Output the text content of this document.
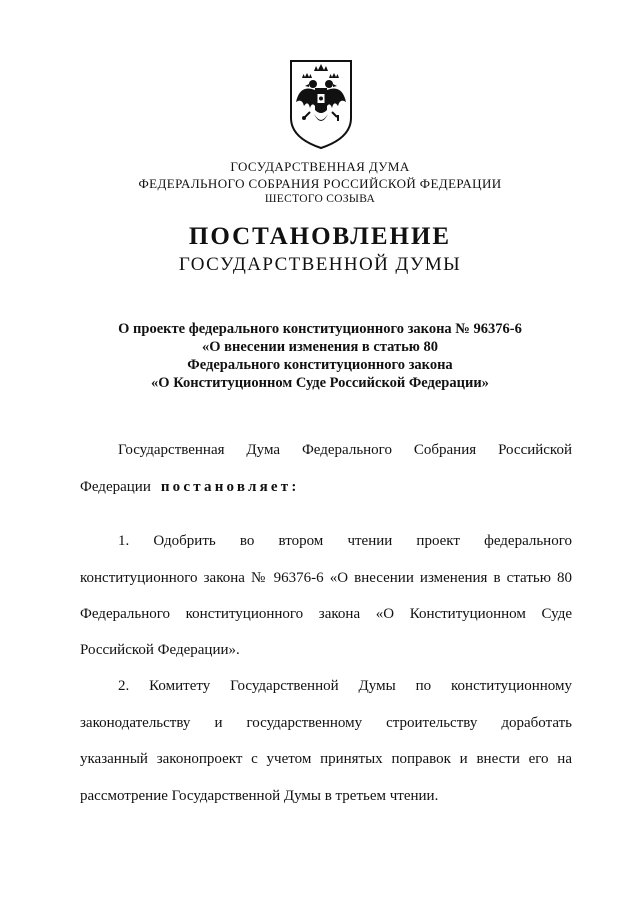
ГОСУДАРСТВЕННАЯ ДУМА
ФЕДЕРАЛЬНОГО СОБРАНИЯ РОССИЙСКОЙ ФЕДЕРАЦИИ
ШЕСТОГО СОЗЫВА
ПОСТАНОВЛЕНИЕ
ГОСУДАРСТВЕННОЙ ДУМЫ
О проекте федерального конституционного закона № 96376-6
«О внесении изменения в статью 80
Федерального конституционного закона
«О Конституционном Суде Российской Федерации»
Государственная Дума Федерального Собрания Российской
Федерации постановляет:
1. Одобрить во втором чтении проект федерального
конституционного закона № 96376-6 «О внесении изменения в статью 80
Федерального конституционного закона «О Конституционном Суде
Российской Федерации».
2. Комитету Государственной Думы по конституционному
законодательству и государственному строительству доработать
указанный законопроект с учетом принятых поправок и внести его на
рассмотрение Государственной Думы в третьем чтении.
